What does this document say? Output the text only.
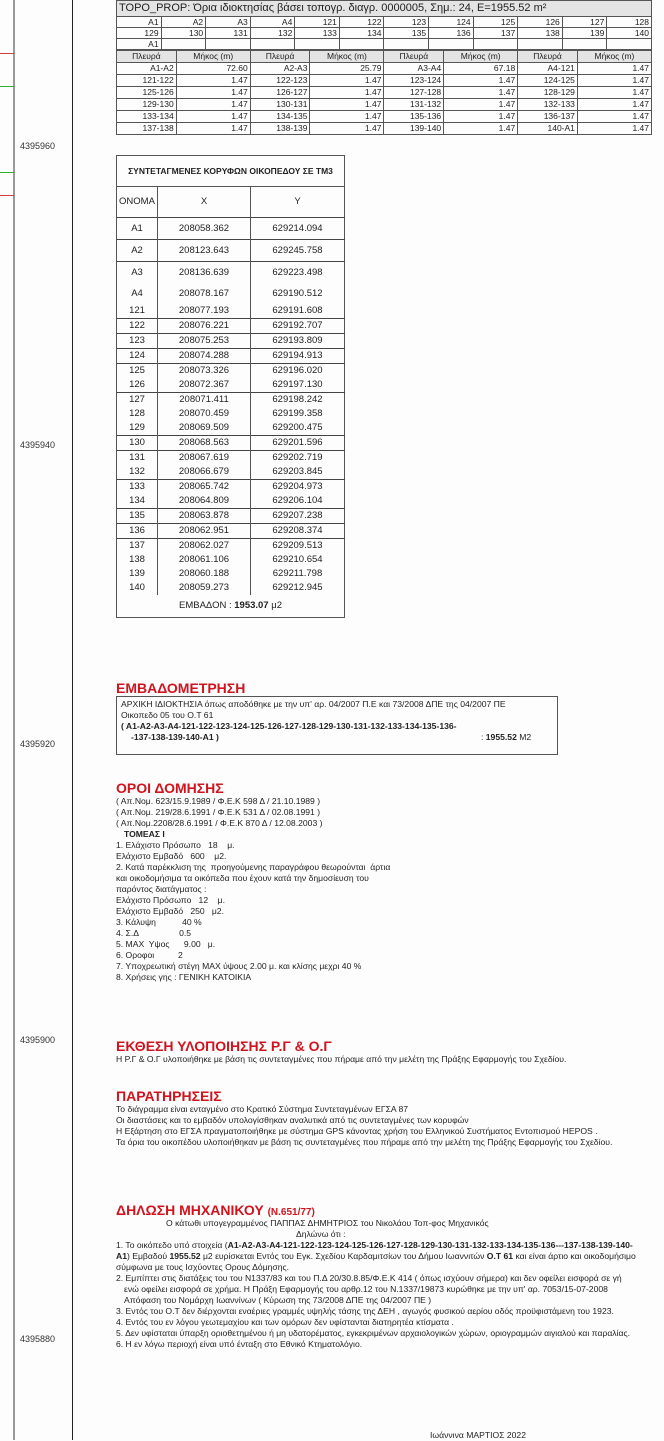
4395960
4395940
4395920
4395900
4395880
TOPO_PROP: Όρια ιδιοκτησίας βάσει τοπογρ. διαγρ. 0000005, Σημ.: 24, E=1955.52 m²											
A1	A2	A3	A4	121	122	123	124	125	126	127	128
129	130	131	132	133	134	135	136	137	138	139	140
A1											
Πλευρά	Μήκος (m)	Πλευρά	Μήκος (m)	Πλευρά	Μήκος (m)	Πλευρά	Μήκος (m)
A1-A2	72.60	A2-A3	25.79	A3-A4	67.18	A4-121	1.47
121-122	1.47	122-123	1.47	123-124	1.47	124-125	1.47
125-126	1.47	126-127	1.47	127-128	1.47	128-129	1.47
129-130	1.47	130-131	1.47	131-132	1.47	132-133	1.47
133-134	1.47	134-135	1.47	135-136	1.47	136-137	1.47
137-138	1.47	138-139	1.47	139-140	1.47	140-A1	1.47
ΣΥΝΤΕΤΑΓΜΕΝΕΣ ΚΟΡΥΦΩΝ ΟΙΚΟΠΕΔΟΥ ΣΕ ΤΜ3		
ΟΝΟΜΑ	X	Y
A1	208058.362	629214.094
A2	208123.643	629245.758
A3	208136.639	629223.498
A4	208078.167	629190.512
121	208077.193	629191.608
122	208076.221	629192.707
123	208075.253	629193.809
124	208074.288	629194.913
125	208073.326	629196.020
126	208072.367	629197.130
127	208071.411	629198.242
128	208070.459	629199.358
129	208069.509	629200.475
130	208068.563	629201.596
131	208067.619	629202.719
132	208066.679	629203.845
133	208065.742	629204.973
134	208064.809	629206.104
135	208063.878	629207.238
136	208062.951	629208.374
137	208062.027	629209.513
138	208061.106	629210.654
139	208060.188	629211.798
140	208059.273	629212.945
ΕΜΒΑΔΟΝ : 1953.07 μ2		
ΕΜΒΑΔΟΜΕΤΡΗΣΗ
ΑΡΧΙΚΗ ΙΔΙΟΚΤΗΣΙΑ όπως αποδόθηκε με την υπ' αρ. 04/2007 Π.Ε και 73/2008 ΔΠΕ της 04/2007 ΠΕ
Οικοπεδο 05 του Ο.Τ 61
( A1-A2-A3-A4-121-122-123-124-125-126-127-128-129-130-131-132-133-134-135-136-
-137-138-139-140-A1 )	: 1955.52 M2
ΟΡΟΙ ΔΟΜΗΣΗΣ
( Απ.Νομ. 623/15.9.1989 / Φ.Ε.Κ 598 Δ / 21.10.1989 )
( Απ.Νομ. 219/28.6.1991 / Φ.Ε.Κ 531 Δ / 02.08.1991 )
( Απ.Νομ.2208/28.6.1991 / Φ.Ε.Κ 870 Δ / 12.08.2003 )
ΤΟΜΕΑΣ Ι
1. Ελάχιστο Πρόσωπο   18    μ.
Ελάχιστο Εμβαδό   600    μ2.
2. Κατά παρέκκλιση της  προηγούμενης παραγράφου θεωρούνται  άρτια
και οικοδομήσιμα τα οικόπεδα που έχουν κατά την δημοσίευση του
παρόντος διατάγματος :
Ελάχιστο Πρόσωπο   12    μ.
Ελάχιστο Εμβαδό   250   μ2.
3. Κάλυψη           40 %
4. Σ.Δ                 0.5
5. ΜΑΧ  Υψος      9.00   μ.
6. Οροφοι          2
7. Υποχρεωτική στέγη ΜΑΧ ύψους 2.00 μ. και κλίσης μεχρι 40 %
8. Χρήσεις γης : ΓΕΝΙΚΗ ΚΑΤΟΙΚΙΑ
ΕΚΘΕΣΗ ΥΛΟΠΟΙΗΣΗΣ Ρ.Γ & Ο.Γ
Η Ρ.Γ & Ο.Γ υλοποιήθηκε με βάση τις συντεταγμένες που πήραμε από την μελέτη της Πράξης Εφαρμογής του Σχεδίου.
ΠΑΡΑΤΗΡΗΣΕΙΣ
Το διάγραμμα είναι ενταγμένο στο Κρατικό Σύστημα Συντεταγμένων ΕΓΣΑ 87
Οι διαστάσεις και το εμβαδόν υπολογίσθηκαν αναλυτικά από τις συντεταγμένες των κορυφών
Η Εξάρτηση στο ΕΓΣΑ πραγματοποιήθηκε με σύστημα GPS κάνοντας χρήση του Ελληνικού Συστήματος Εντοπισμού HEPOS .
Τα όρια του οικοπέδου υλοποιήθηκαν με βάση τις συντεταγμένες που πήραμε από την μελέτη της Πράξης Εφαρμογής του Σχεδίου.
ΔΗΛΩΣΗ ΜΗΧΑΝΙΚΟΥ (Ν.651/77)
Ο κάτωθι υπογεγραμμένος ΠΑΠΠΑΣ ΔΗΜΗΤΡΙΟΣ του Νικολάου Τοπ-φος Μηχανικός
Δηλώνω ότι :
1. Το οικόπεδο υπό στοιχεία (A1-A2-A3-A4-121-122-123-124-125-126-127-128-129-130-131-132-133-134-135-136---137-138-139-140-A1) Εμβαδού 1955.52 μ2 ευρίσκεται Εντός του Εγκ. Σχεδίου Καρδαμιτσίων του Δήμου Ιωαννιτών Ο.Τ 61 και είναι άρτιο και οικοδομήσιμο σύμφωνα με τους Ισχύοντες Ορους Δόμησης.
2. Εμπίπτει στις διατάξεις του του Ν1337/83 και του Π.Δ 20/30.8.85/Φ.Ε.Κ 414 ( όπως ισχύουν σήμερα) και δεν οφείλει εισφορά σε γή ενώ οφείλει εισφορά σε χρήμα. Η Πράξη Εφαρμογής του αρθρ.12 του Ν.1337/19873 κυρώθηκε με την υπ' αρ. 7053/15-07-2008 Απόφαση του Νομάρχη Ιωαννίνων ( Κύρωση της 73/2008 ΔΠΕ της 04/2007 ΠΕ )
3. Εντός του Ο.Τ δεν διέρχονται εναέριες γραμμές υψηλής τάσης της ΔΕΗ , αγωγός φυσικού αερίου οδός προϋφιστάμενη του 1923.
4. Εντός του εν λόγου γεωτεμαχίου και των ομόρων δεν υφίστανται διατηρητέα κτίσματα .
5. Δεν υφίσταται ύπαρξη οριοθετημένου ή μη υδατορέματος, εγκεκριμένων αρχαιολογικών χώρων, οριογραμμών αιγιαλού και παραλίας.
6. Η εν λόγω περιοχή είναι υπό ένταξη στο Εθνικό Κτηματολόγιο.
Ιωάννινα ΜΑΡΤΙΟΣ 2022
